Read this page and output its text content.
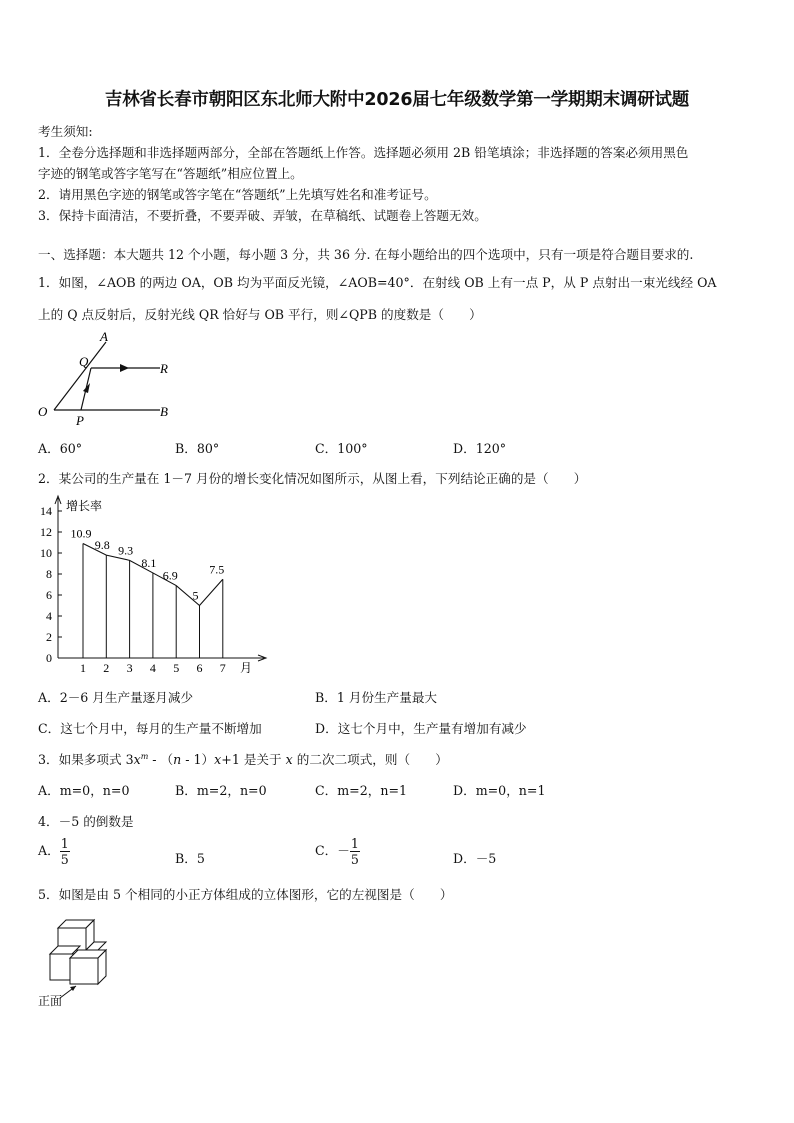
吉林省长春市朝阳区东北师大附中2026届七年级数学第一学期期末调研试题
考生须知:
1．全卷分选择题和非选择题两部分，全部在答题纸上作答。选择题必须用 2B 铅笔填涂；非选择题的答案必须用黑色
字迹的钢笔或答字笔写在“答题纸”相应位置上。
2．请用黑色字迹的钢笔或答字笔在“答题纸”上先填写姓名和准考证号。
3．保持卡面清洁，不要折叠，不要弄破、弄皱，在草稿纸、试题卷上答题无效。
一、选择题：本大题共 12 个小题，每小题 3 分，共 36 分. 在每小题给出的四个选项中，只有一项是符合题目要求的.
1．如图，∠AOB 的两边 OA，OB 均为平面反光镜，∠AOB=40°．在射线 OB 上有一点 P，从 P 点射出一束光线经 OA
上的 Q 点反射后，反射光线 QR 恰好与 OB 平行，则∠QPB 的度数是（　　）
A
Q	R
O
P
B
A．60°	B．80°	C．100°	D．120°
2．某公司的生产量在 1－7 月份的增长变化情况如图所示，从图上看，下列结论正确的是（　　）
增长率
月
0
2
4
6
8
10
12
14
1 2 3 4 5 6 7
10.9
9.8 9.3
8.1
6.9
5
7.5
A．2－6 月生产量逐月减少	B．1 月份生产量最大
C．这七个月中，每月的生产量不断增加	D．这七个月中，生产量有增加有减少
3．如果多项式 $3x^m - (n - 1)x+1$ 是关于 x 的二次二项式，则（　　）
A．m=0，n=0	B．m=2，n=0	C．m=2，n=1	D．m=0，n=1
4．－5 的倒数是
A． $\frac{1}{5}$	B．5
C．－ $\frac{1}{5}$	D．－5
5．如图是由 5 个相同的小正方体组成的立体图形，它的左视图是（　　）
正面
